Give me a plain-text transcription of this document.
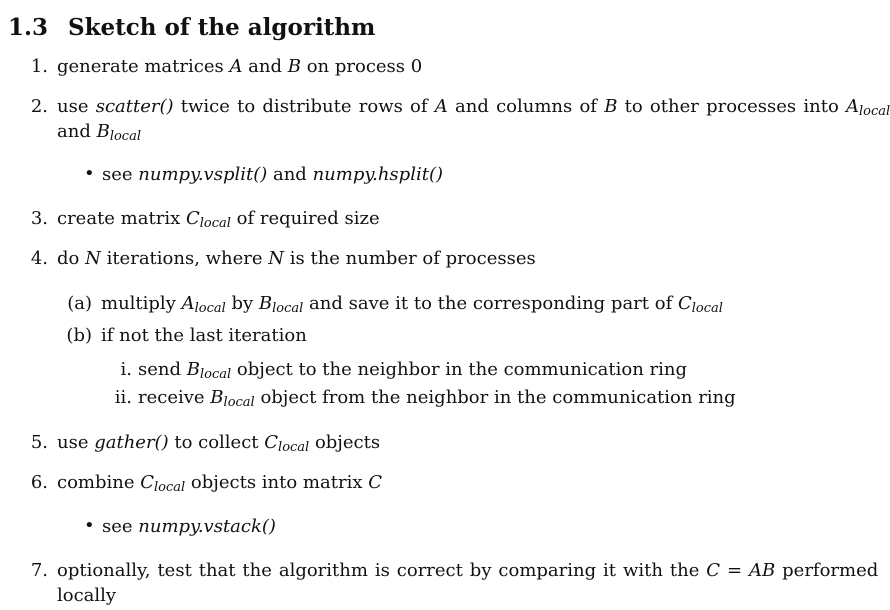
1.3 Sketch of the algorithm
1. generate matrices A and B on process 0
2. use scatter() twice to distribute rows of A and columns of B to other processes into $A_{local}$
and $B_{local}$
• see numpy.vsplit() and numpy.hsplit()
3. create matrix $C_{local}$ of required size
4. do N iterations, where N is the number of processes
(a) multiply $A_{local}$ by $B_{local}$ and save it to the corresponding part of $C_{local}$
(b) if not the last iteration
i. send $B_{local}$ object to the neighbor in the communication ring
ii. receive $B_{local}$ object from the neighbor in the communication ring
5. use gather() to collect $C_{local}$ objects
6. combine $C_{local}$ objects into matrix C
• see numpy.vstack()
7. optionally, test that the algorithm is correct by comparing it with the C = AB performed
locally
